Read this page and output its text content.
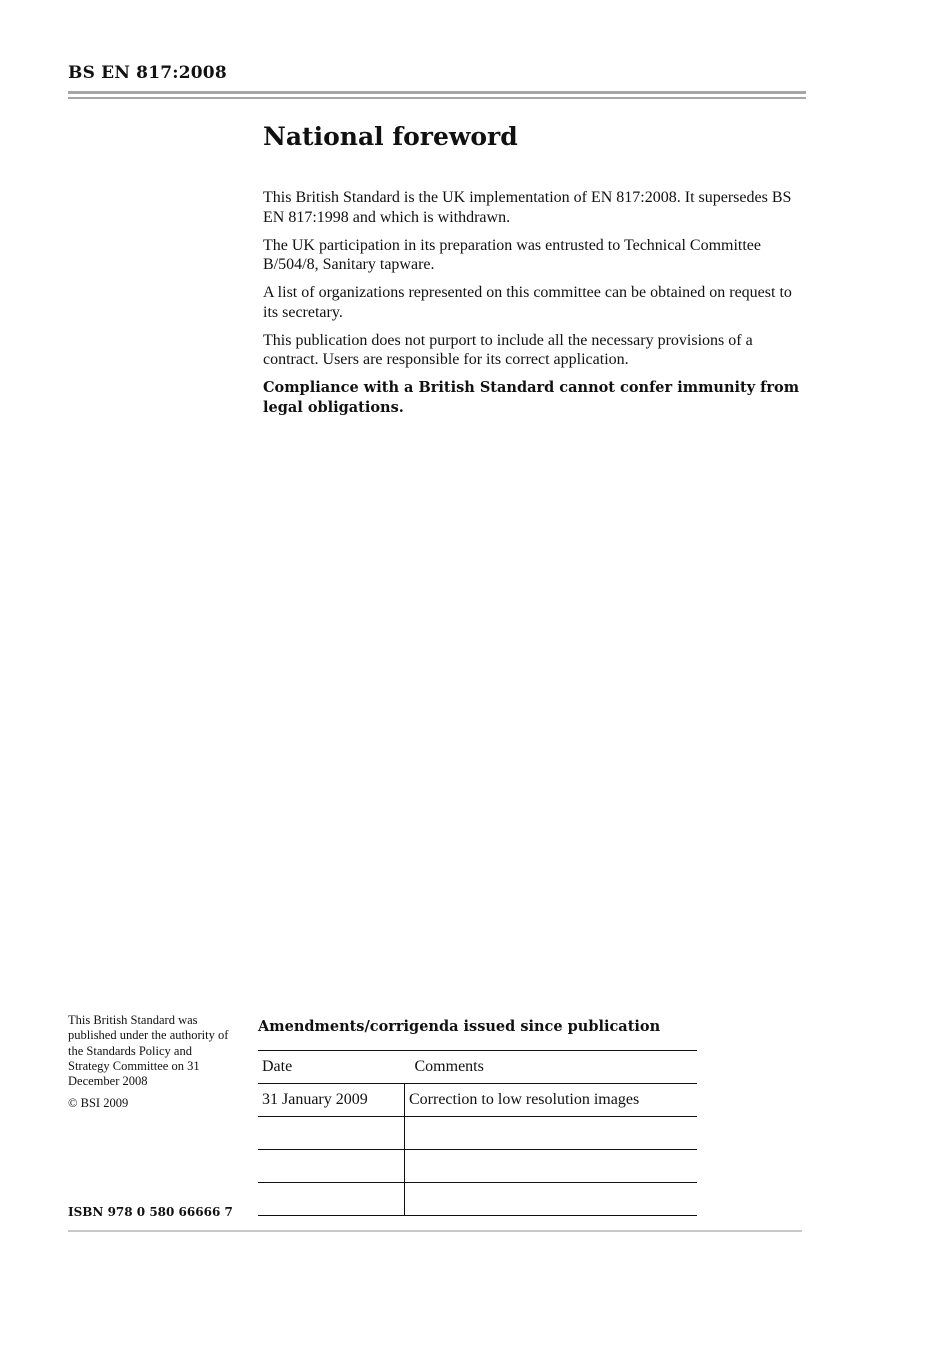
BS EN 817:2008
National foreword

This British Standard is the UK implementation of EN 817:2008. It supersedes BS EN 817:1998 and which is withdrawn.

The UK participation in its preparation was entrusted to Technical Committee B/504/8, Sanitary tapware.

A list of organizations represented on this committee can be obtained on request to its secretary.

This publication does not purport to include all the necessary provisions of a contract. Users are responsible for its correct application.

Compliance with a British Standard cannot confer immunity from legal obligations.

This British Standard was published under the authority of the Standards Policy and Strategy Committee on 31 December 2008

© BSI 2009

ISBN 978 0 580 66666 7
Amendments/corrigenda issued since publication
Date		Comments
31 January 2009		Correction to low resolution images
